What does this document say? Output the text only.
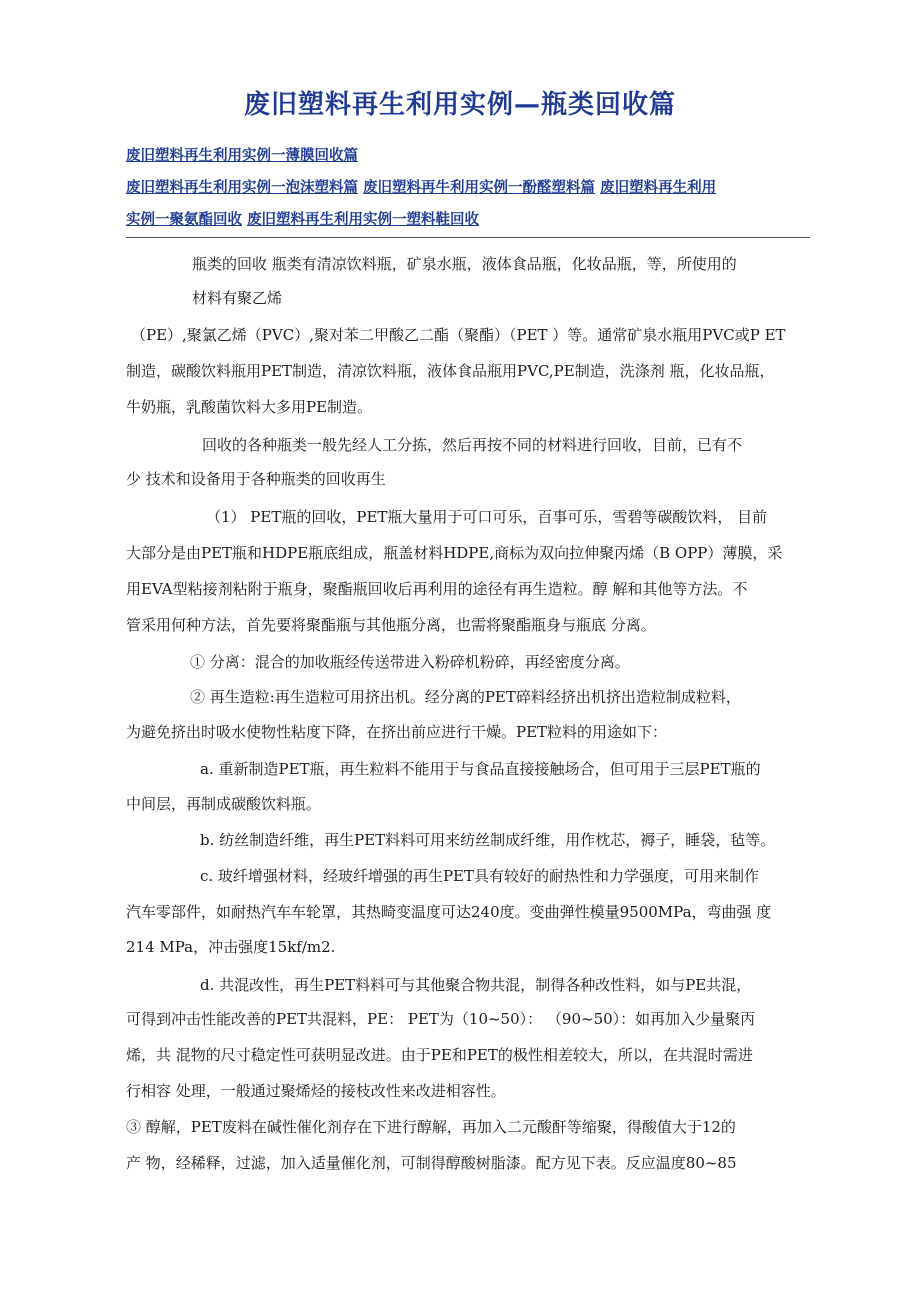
废旧塑料再生利用实例—瓶类回收篇
废旧塑料再生利用实例一薄膜回收篇
废旧塑料再生利用实例一泡沫塑料篇 废旧塑料再牛利用实例一酚醛塑料篇 废旧塑料再生利用
实例一聚氨酯回收 废旧塑料再生利用实例一塑料鞋回收
瓶类的回收 瓶类有清凉饮料瓶，矿泉水瓶，液体食品瓶，化妆品瓶，等，所使用的
材料有聚乙烯
（PE）,聚氯乙烯（PVC）,聚对苯二甲酸乙二酯（聚酯）（PET ）等。通常矿泉水瓶用PVC或P ET
制造，碳酸饮料瓶用PET制造，清凉饮料瓶，液体食品瓶用PVC,PE制造，洗涤剂 瓶，化妆品瓶，
牛奶瓶，乳酸菌饮料大多用PE制造。
回收的各种瓶类一般先经人工分拣，然后再按不同的材料进行回收，目前，已有不
少 技术和设备用于各种瓶类的回收再生
（1） PET瓶的回收，PET瓶大量用于可口可乐，百事可乐，雪碧等碳酸饮料， 目前
大部分是由PET瓶和HDPE瓶底组成，瓶盖材料HDPE,商标为双向拉伸聚丙烯（B OPP）薄膜，采
用EVA型粘接剂粘附于瓶身，聚酯瓶回收后再利用的途径有再生造粒。醇 解和其他等方法。不
管采用何种方法，首先要将聚酯瓶与其他瓶分离，也需将聚酯瓶身与瓶底 分离。
① 分离：混合的加收瓶经传送带进入粉碎机粉碎，再经密度分离。
② 再生造粒:再生造粒可用挤出机。经分离的PET碎料经挤出机挤出造粒制成粒料，
为避免挤出时吸水使物性粘度下降，在挤出前应进行干燥。PET粒料的用途如下：
a. 重新制造PET瓶，再生粒料不能用于与食品直接接触场合，但可用于三层PET瓶的
中间层，再制成碳酸饮料瓶。
b. 纺丝制造纤维，再生PET料料可用来纺丝制成纤维，用作枕芯，褥子，睡袋，毡等。
c. 玻纤增强材料，经玻纤增强的再生PET具有较好的耐热性和力学强度，可用来制作
汽车零部件，如耐热汽车车轮罩，其热畸变温度可达240度。变曲弹性模量9500MPa，弯曲强 度
214 MPa，冲击强度15kf/m2.
d. 共混改性，再生PET料料可与其他聚合物共混，制得各种改性料，如与PE共混，
可得到冲击性能改善的PET共混料，PE： PET为（10~50）： （90~50）：如再加入少量聚丙
烯，共 混物的尺寸稳定性可获明显改进。由于PE和PET的极性相差较大，所以，在共混时需进
行相容 处理，一般通过聚烯烃的接枝改性来改进相容性。
③ 醇解，PET废料在碱性催化剂存在下进行醇解，再加入二元酸酐等缩聚，得酸值大于12的
产 物，经稀释，过滤，加入适量催化剂，可制得醇酸树脂漆。配方见下表。反应温度80~85
